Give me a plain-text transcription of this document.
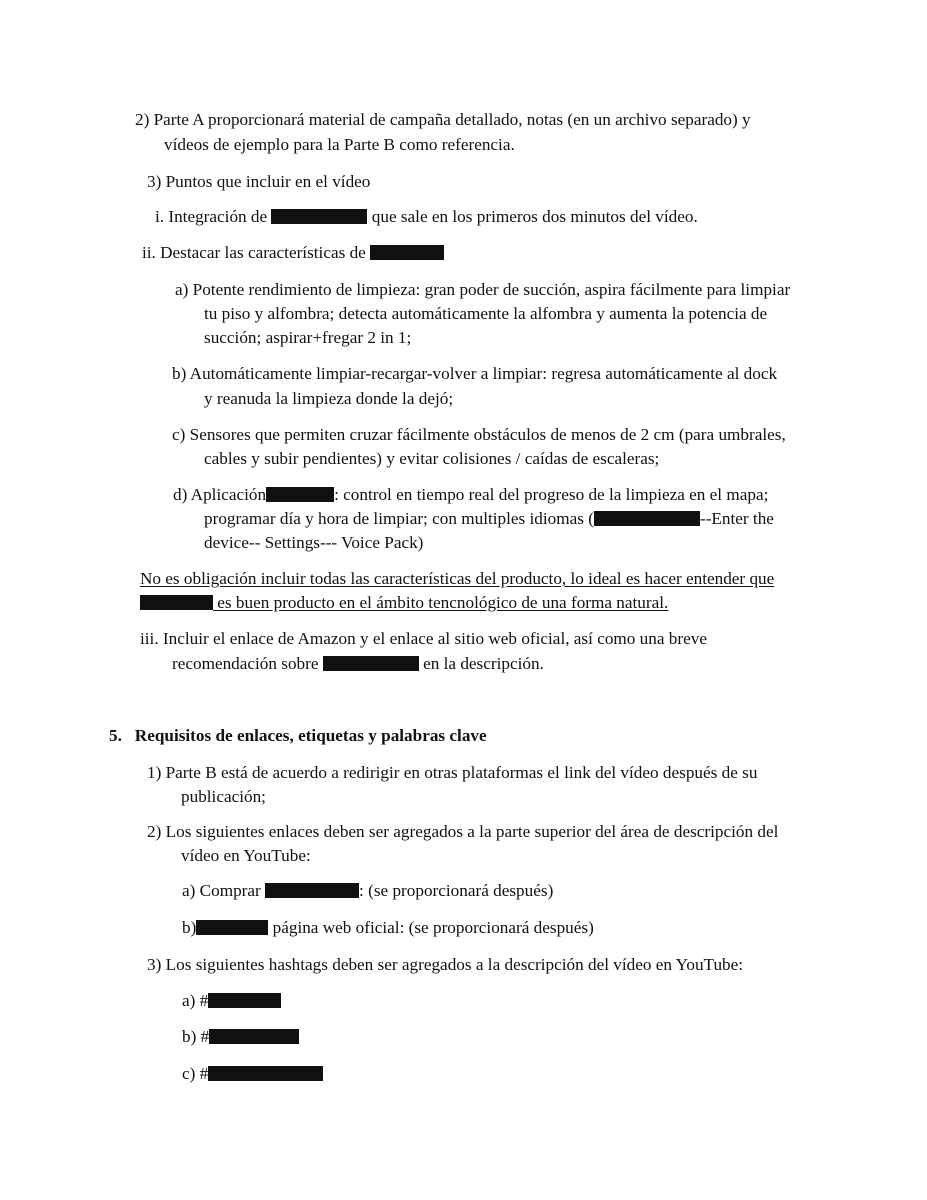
2) Parte A proporcionará material de campaña detallado, notas (en un archivo separado) y
vídeos de ejemplo para la Parte B como referencia.
3) Puntos que incluir en el vídeo
i. Integración de	que sale en los primeros dos minutos del vídeo.
ii. Destacar las características de
a) Potente rendimiento de limpieza: gran poder de succión, aspira fácilmente para limpiar
tu piso y alfombra; detecta automáticamente la alfombra y aumenta la potencia de
succión; aspirar+fregar 2 in 1;
b) Automáticamente limpiar-recargar-volver a limpiar: regresa automáticamente al dock
y reanuda la limpieza donde la dejó;
c) Sensores que permiten cruzar fácilmente obstáculos de menos de 2 cm (para umbrales,
cables y subir pendientes) y evitar colisiones / caídas de escaleras;
d) Aplicación	: control en tiempo real del progreso de la limpieza en el mapa;
programar día y hora de limpiar; con multiples idiomas (	--Enter the
device-- Settings--- Voice Pack)
No es obligación incluir todas las características del producto, lo ideal es hacer entender que
es buen producto en el ámbito tencnológico de una forma natural.
iii. Incluir el enlace de Amazon y el enlace al sitio web oficial, así como una breve
recomendación sobre	en la descripción.
5.   Requisitos de enlaces, etiquetas y palabras clave
1) Parte B está de acuerdo a redirigir en otras plataformas el link del vídeo después de su
publicación;
2) Los siguientes enlaces deben ser agregados a la parte superior del área de descripción del
vídeo en YouTube:
a) Comprar	: (se proporcionará después)
b)	página web oficial: (se proporcionará después)
3) Los siguientes hashtags deben ser agregados a la descripción del vídeo en YouTube:
a) #
b) #
c) #
